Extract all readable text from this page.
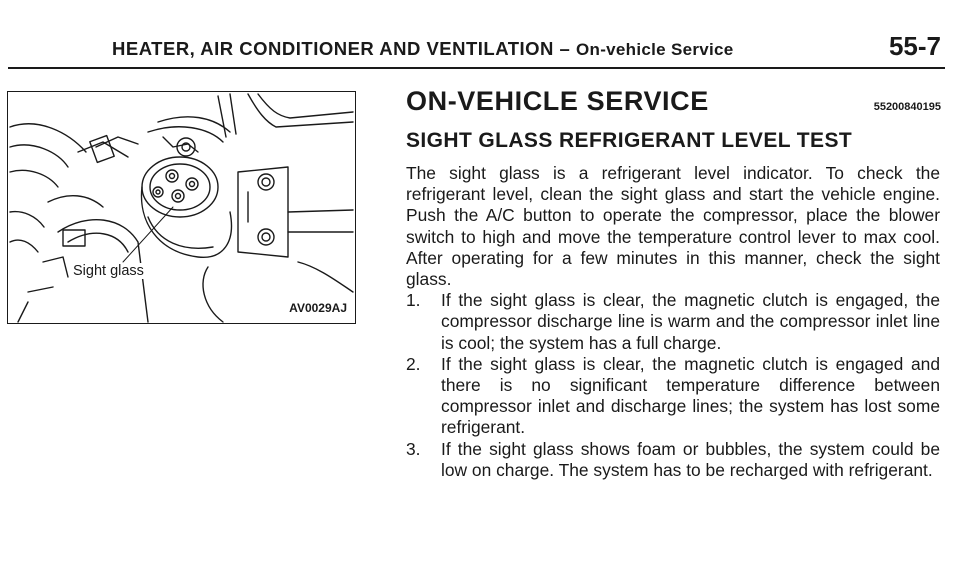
HEATER, AIR CONDITIONER AND VENTILATION – On-vehicle Service	55-7
Sight glass
AV0029AJ
ON-VEHICLE SERVICE	55200840195
SIGHT GLASS REFRIGERANT LEVEL TEST

The sight glass is a refrigerant level indicator. To check the refrigerant level, clean the sight glass and start the vehicle engine. Push the A/C button to operate the compressor, place the blower switch to high and move the temperature control lever to max cool. After operating for a few minutes in this manner, check the sight glass.

1.	If the sight glass is clear, the magnetic clutch is engaged, the compressor discharge line is warm and the compressor inlet line is cool; the system has a full charge.
2.	If the sight glass is clear, the magnetic clutch is engaged and there is no significant temperature difference between compressor inlet and discharge lines; the system has lost some refrigerant.
3.	If the sight glass shows foam or bubbles, the system could be low on charge. The system has to be recharged with refrigerant.
